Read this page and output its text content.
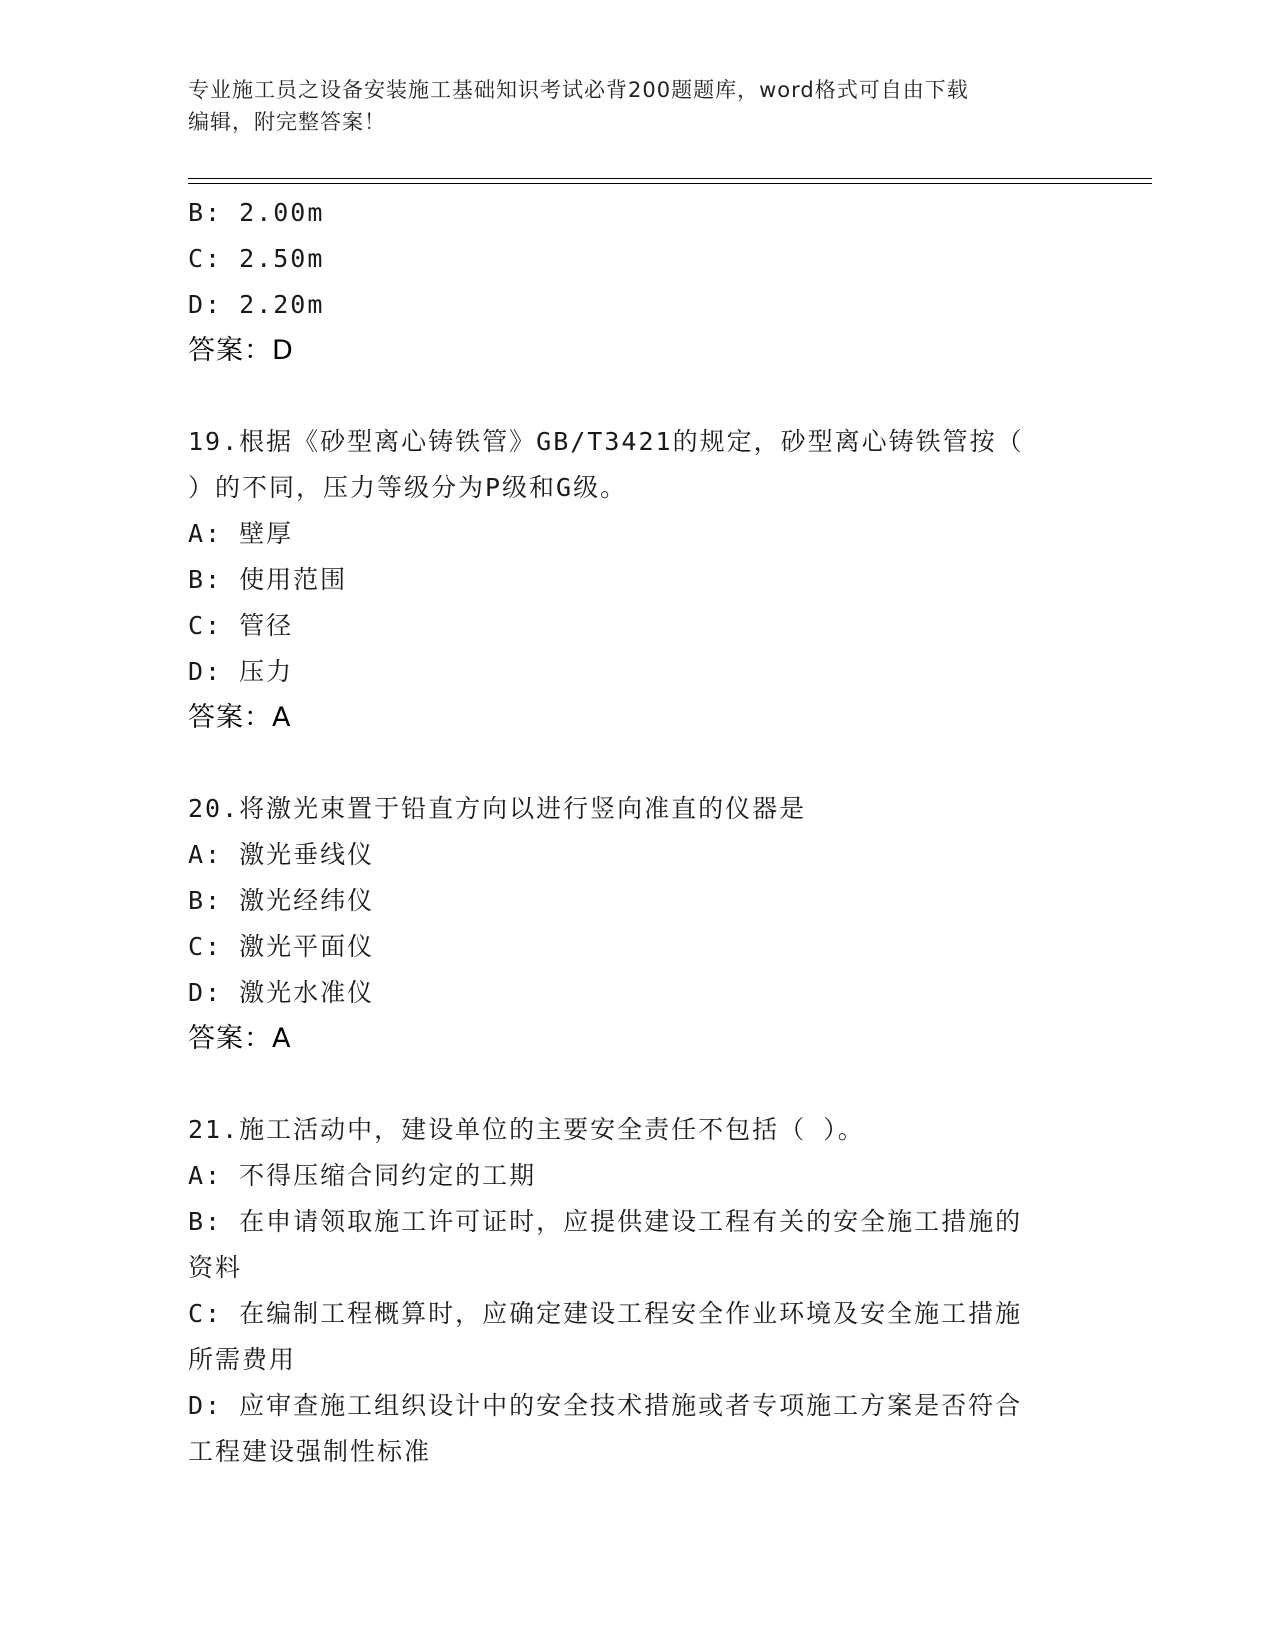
专业施工员之设备安装施工基础知识考试必背200题题库，word格式可自由下载
编辑，附完整答案！
B: 2.00m
C: 2.50m
D: 2.20m
答案：D
19.根据《砂型离心铸铁管》GB/T3421的规定，砂型离心铸铁管按（
）的不同，压力等级分为P级和G级。
A: 壁厚
B: 使用范围
C: 管径
D: 压力
答案：A
20.将激光束置于铅直方向以进行竖向准直的仪器是
A: 激光垂线仪
B: 激光经纬仪
C: 激光平面仪
D: 激光水准仪
答案：A
21.施工活动中，建设单位的主要安全责任不包括（ ）。
A: 不得压缩合同约定的工期
B: 在申请领取施工许可证时，应提供建设工程有关的安全施工措施的
资料
C: 在编制工程概算时，应确定建设工程安全作业环境及安全施工措施
所需费用
D: 应审查施工组织设计中的安全技术措施或者专项施工方案是否符合
工程建设强制性标准
